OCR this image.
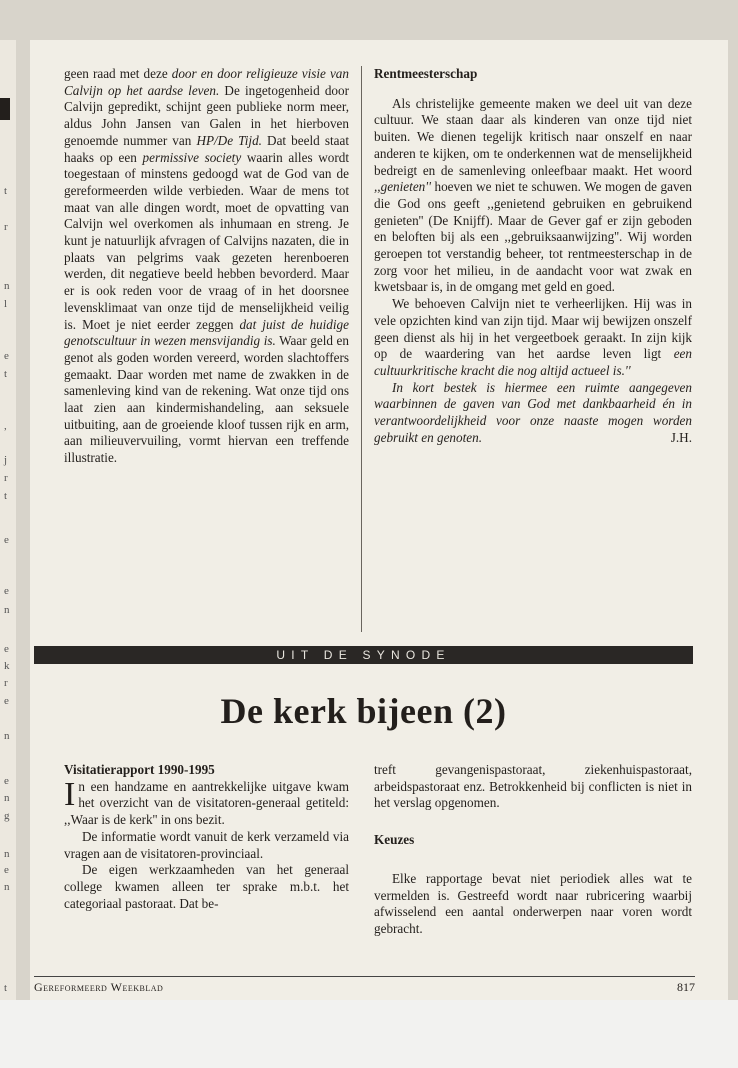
t
r
n
l
e
t
,
j
r
t
e
e
n
e
k
r
e
n
e
n
g
n
e
n
t

geen raad met deze door en door religieuze visie van Calvijn op het aardse leven. De ingetogenheid door Calvijn gepredikt, schijnt geen publieke norm meer, aldus John Jansen van Galen in het hierboven genoemde nummer van HP/De Tijd. Dat beeld staat haaks op een permissive society waarin alles wordt toegestaan of minstens gedoogd wat de God van de gereformeerden wilde verbieden. Waar de mens tot maat van alle dingen wordt, moet de opvatting van Calvijn wel overkomen als inhumaan en streng. Je kunt je natuurlijk afvragen of Calvijns nazaten, die in plaats van pelgrims vaak gezeten herenboeren werden, dit negatieve beeld hebben bevorderd. Maar er is ook reden voor de vraag of in het doorsnee levensklimaat van onze tijd de menselijkheid veilig is. Moet je niet eerder zeggen dat juist de huidige genotscultuur in wezen mensvijandig is. Waar geld en genot als goden worden vereerd, worden slachtoffers gemaakt. Daar worden met name de zwakken in de samenleving kind van de rekening. Wat onze tijd ons laat zien aan kindermishandeling, aan seksuele uitbuiting, aan de groeiende kloof tussen rijk en arm, aan milieuvervuiling, vormt hiervan een treffende illustratie.

Rentmeesterschap

Als christelijke gemeente maken we deel uit van deze cultuur. We staan daar als kinderen van onze tijd niet buiten. We dienen tegelijk kritisch naar onszelf en naar anderen te kijken, om te onderkennen wat de menselijkheid bedreigt en de samenleving onleefbaar maakt. Het woord ,,genieten'' hoeven we niet te schuwen. We mogen de gaven die God ons geeft ,,genietend gebruiken en gebruikend genieten'' (De Knijff). Maar de Gever gaf er zijn geboden en beloften bij als een ,,gebruiksaanwijzing''. Wij worden geroepen tot verstandig beheer, tot rentmeesterschap in de zorg voor het milieu, in de aandacht voor wat zwak en kwetsbaar is, in de omgang met geld en goed.

We behoeven Calvijn niet te verheerlijken. Hij was in vele opzichten kind van zijn tijd. Maar wij bewijzen onszelf geen dienst als hij in het vergeetboek geraakt. In zijn kijk op de waardering van het aardse leven ligt een cultuurkritische kracht die nog altijd actueel is.''

In kort bestek is hiermee een ruimte aangegeven waarbinnen de gaven van God met dankbaarheid én in verantwoordelijkheid voor onze naaste mogen worden gebruikt en genoten.	J.H.

UIT DE SYNODE
De kerk bijeen (2)
Visitatierapport 1990-1995

In een handzame en aantrekkelijke uitgave kwam het overzicht van de visitatoren-generaal getiteld: ,,Waar is de kerk'' in ons bezit.

De informatie wordt vanuit de kerk verzameld via vragen aan de visitatoren-provinciaal.

De eigen werkzaamheden van het generaal college kwamen alleen ter sprake m.b.t. het categoriaal pastoraat. Dat be-

treft gevangenispastoraat, ziekenhuispastoraat, arbeidspastoraat enz. Betrokkenheid bij conflicten is niet in het verslag opgenomen.

Keuzes

Elke rapportage bevat niet periodiek alles wat te vermelden is. Gestreefd wordt naar rubricering waarbij afwisselend een aantal onderwerpen naar voren wordt gebracht.

Gereformeerd Weekblad	817
